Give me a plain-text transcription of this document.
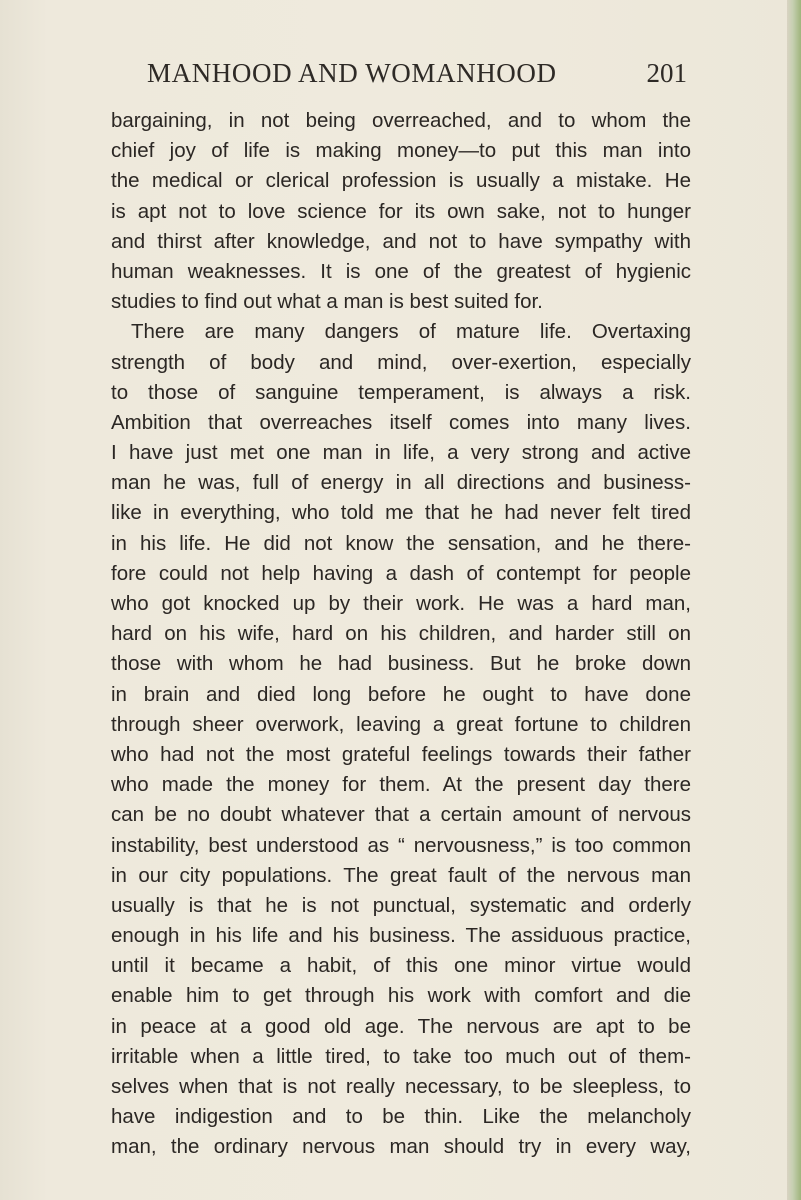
MANHOOD AND WOMANHOOD	201
bargaining, in not being overreached, and to whom the
chief joy of life is making money—to put this man into
the medical or clerical profession is usually a mistake. He
is apt not to love science for its own sake, not to hunger
and thirst after knowledge, and not to have sympathy with
human weaknesses. It is one of the greatest of hygienic
studies to find out what a man is best suited for.
There are many dangers of mature life. Overtaxing
strength of body and mind, over-exertion, especially
to those of sanguine temperament, is always a risk.
Ambition that overreaches itself comes into many lives.
I have just met one man in life, a very strong and active
man he was, full of energy in all directions and business-
like in everything, who told me that he had never felt tired
in his life. He did not know the sensation, and he there-
fore could not help having a dash of contempt for people
who got knocked up by their work. He was a hard man,
hard on his wife, hard on his children, and harder still on
those with whom he had business. But he broke down
in brain and died long before he ought to have done
through sheer overwork, leaving a great fortune to children
who had not the most grateful feelings towards their father
who made the money for them. At the present day there
can be no doubt whatever that a certain amount of nervous
instability, best understood as “ nervousness,” is too common
in our city populations. The great fault of the nervous man
usually is that he is not punctual, systematic and orderly
enough in his life and his business. The assiduous practice,
until it became a habit, of this one minor virtue would
enable him to get through his work with comfort and die
in peace at a good old age. The nervous are apt to be
irritable when a little tired, to take too much out of them-
selves when that is not really necessary, to be sleepless, to
have indigestion and to be thin. Like the melancholy
man, the ordinary nervous man should try in every way,
